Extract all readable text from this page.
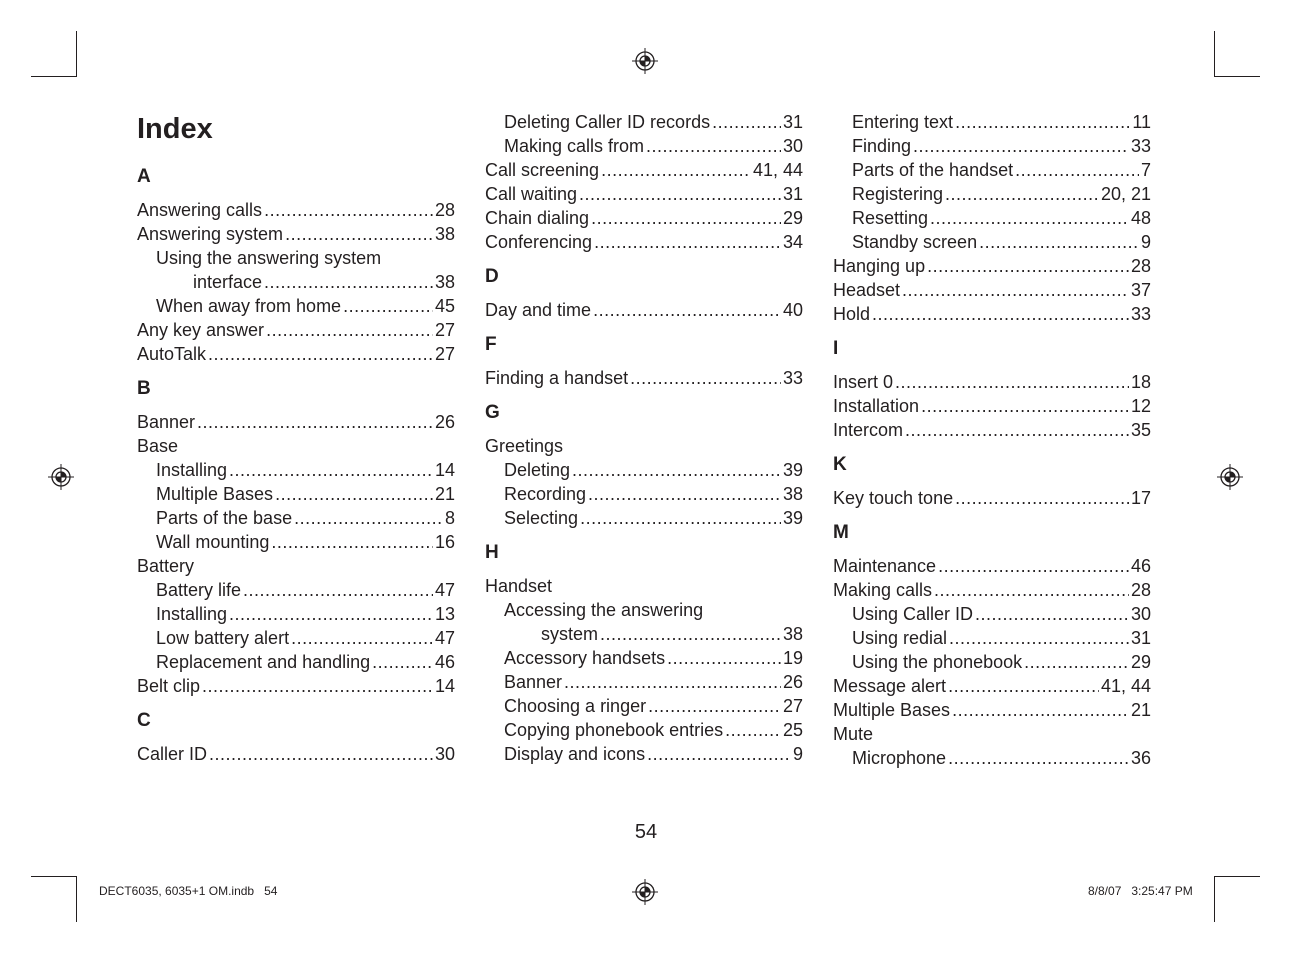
Index
A
Answering calls .....	28
Answering system .....	38
Using the answering system
interface .....	38
When away from home .....	45
Any key answer .....	27
AutoTalk .....	27
B
Banner .....	26
Base
Installing .....	14
Multiple Bases .....	21
Parts of the base .....	8
Wall mounting .....	16
Battery
Battery life .....	47
Installing .....	13
Low battery alert .....	47
Replacement and handling .....	46
Belt clip .....	14
C
Caller ID .....	30
Deleting Caller ID records .....	31
Making calls from .....	30
Call screening .....	41, 44
Call waiting .....	31
Chain dialing .....	29
Conferencing .....	34
D
Day and time .....	40
F
Finding a handset .....	33
G
Greetings
Deleting .....	39
Recording .....	38
Selecting .....	39
H
Handset
Accessing the answering
system .....	38
Accessory handsets .....	19
Banner .....	26
Choosing a ringer .....	27
Copying phonebook entries .....	25
Display and icons .....	9
Entering text .....	11
Finding .....	33
Parts of the handset .....	7
Registering .....	20, 21
Resetting .....	48
Standby screen .....	9
Hanging up .....	28
Headset .....	37
Hold .....	33
I
Insert 0 .....	18
Installation .....	12
Intercom .....	35
K
Key touch tone .....	17
M
Maintenance .....	46
Making calls .....	28
Using Caller ID .....	30
Using redial .....	31
Using the phonebook .....	29
Message alert .....	41, 44
Multiple Bases .....	21
Mute
Microphone .....	36
54
DECT6035, 6035+1 OM.indb   54	8/8/07   3:25:47 PM
